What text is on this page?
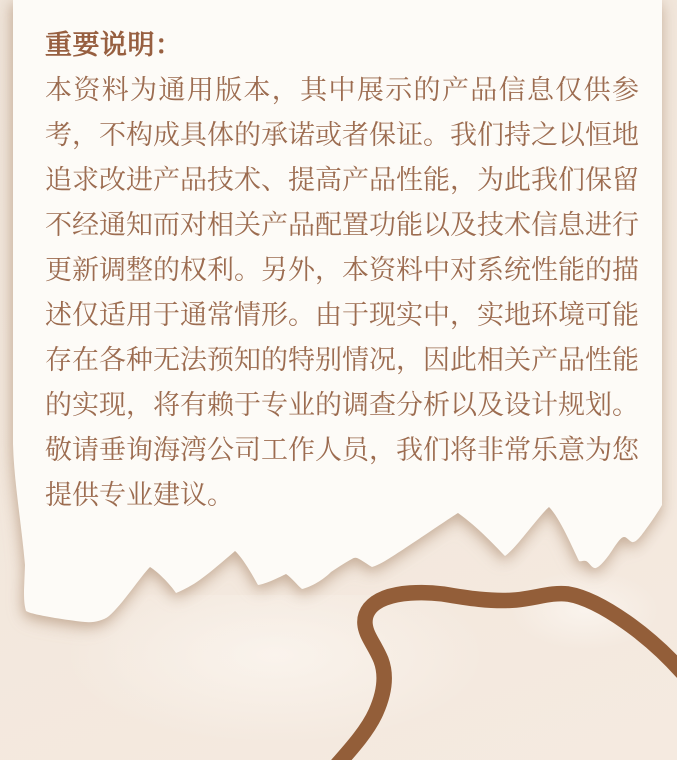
重要说明：
本资料为通用版本，其中展示的产品信息仅供参
考，不构成具体的承诺或者保证。我们持之以恒地
追求改进产品技术、提高产品性能，为此我们保留
不经通知而对相关产品配置功能以及技术信息进行
更新调整的权利。另外，本资料中对系统性能的描
述仅适用于通常情形。由于现实中，实地环境可能
存在各种无法预知的特别情况，因此相关产品性能
的实现，将有赖于专业的调查分析以及设计规划。
敬请垂询海湾公司工作人员，我们将非常乐意为您
提供专业建议。
